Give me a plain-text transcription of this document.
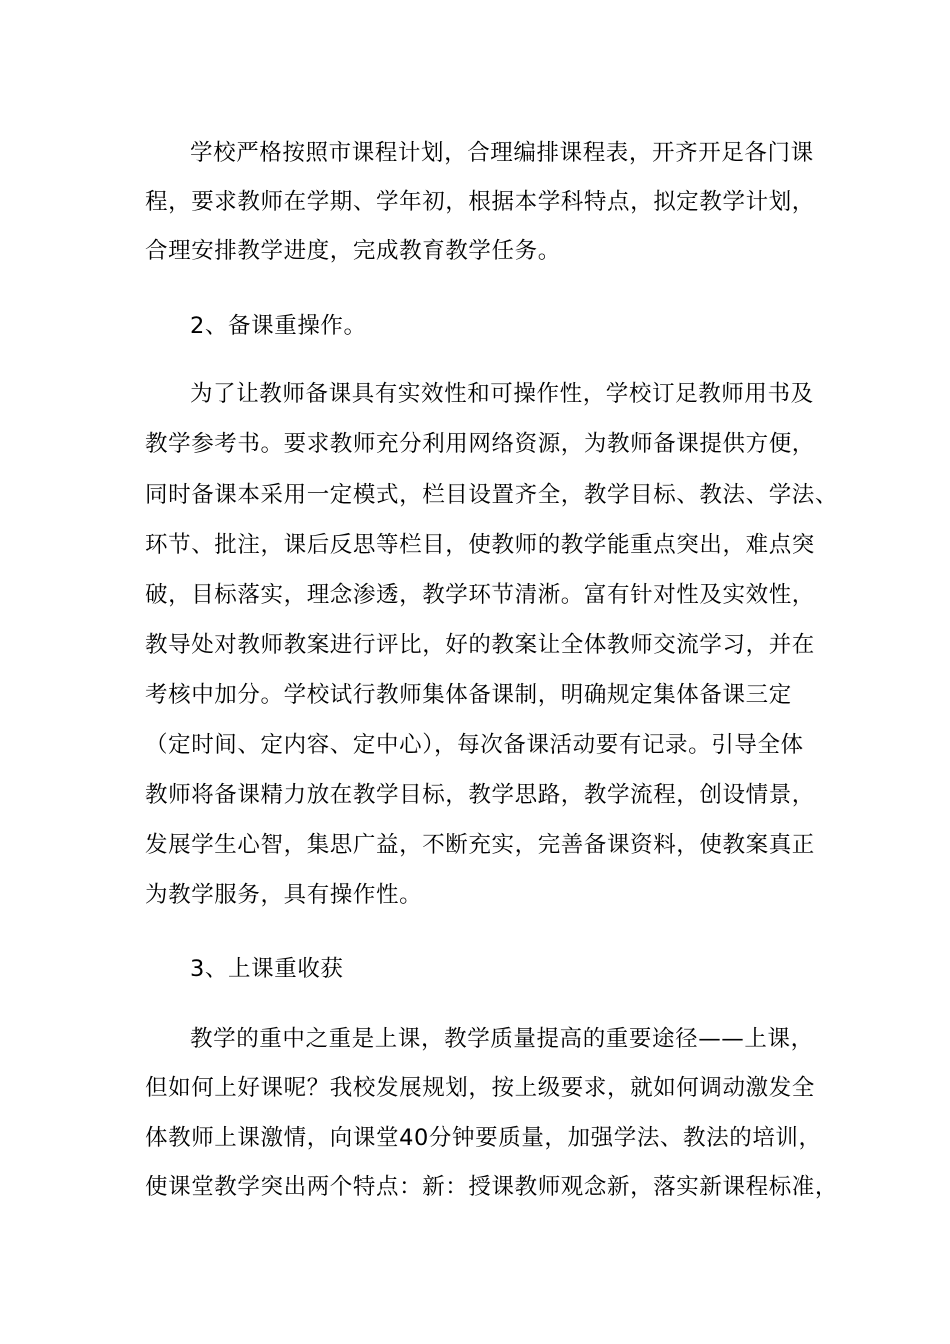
学校严格按照市课程计划，合理编排课程表，开齐开足各门课
程，要求教师在学期、学年初，根据本学科特点，拟定教学计划，
合理安排教学进度，完成教育教学任务。
2、备课重操作。
为了让教师备课具有实效性和可操作性，学校订足教师用书及
教学参考书。要求教师充分利用网络资源，为教师备课提供方便，
同时备课本采用一定模式，栏目设置齐全，教学目标、教法、学法、
环节、批注，课后反思等栏目，使教师的教学能重点突出，难点突
破，目标落实，理念渗透，教学环节清淅。富有针对性及实效性，
教导处对教师教案进行评比，好的教案让全体教师交流学习，并在
考核中加分。学校试行教师集体备课制，明确规定集体备课三定
（定时间、定内容、定中心），每次备课活动要有记录。引导全体
教师将备课精力放在教学目标，教学思路，教学流程，创设情景，
发展学生心智，集思广益，不断充实，完善备课资料，使教案真正
为教学服务，具有操作性。
3、上课重收获
教学的重中之重是上课，教学质量提高的重要途径——上课，
但如何上好课呢？我校发展规划，按上级要求，就如何调动激发全
体教师上课激情，向课堂40分钟要质量，加强学法、教法的培训，
使课堂教学突出两个特点：新：授课教师观念新，落实新课程标准，
